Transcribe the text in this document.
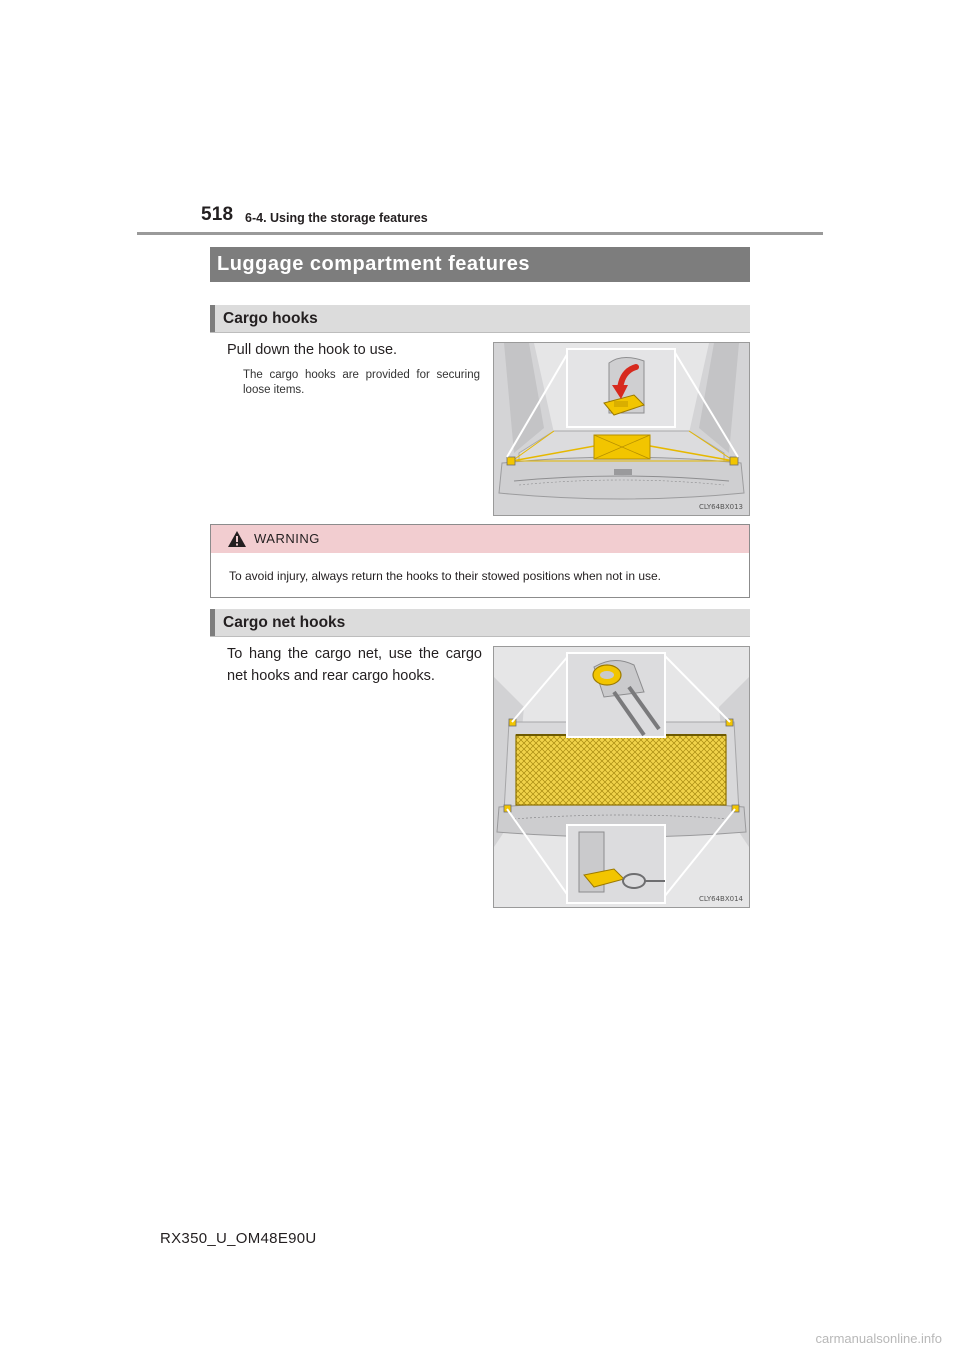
518 6-4. Using the storage features
Luggage compartment features
Cargo hooks
Pull down the hook to use.
The cargo hooks are provided for securing loose items.
CLY64BX013
WARNING
To avoid injury, always return the hooks to their stowed positions when not in use.
Cargo net hooks
To hang the cargo net, use the cargo net hooks and rear cargo hooks.
CLY64BX014
RX350_U_OM48E90U
carmanualsonline.info
